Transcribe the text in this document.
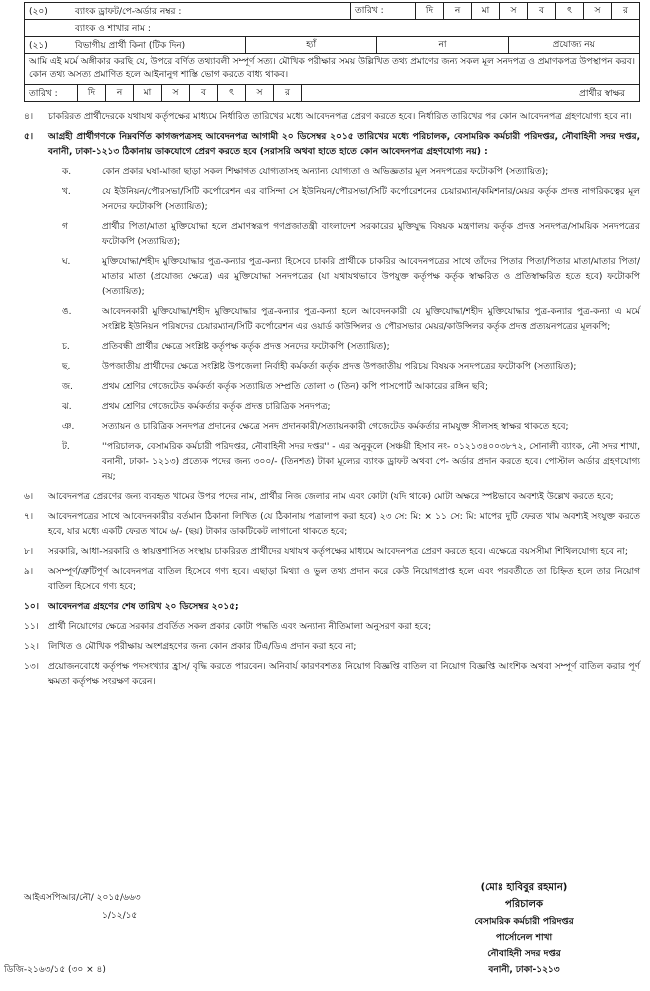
(২০)	ব্যাংক ড্রাফট/পে-অর্ডার নম্বর :	তারিখ :	দি	ন	মা	স	ব	ৎ	স	র
ব্যাংক ও শাখার নাম :
(২১)	বিভাগীয় প্রার্থী কিনা (টিক দিন)	হ্যাঁ	না	প্রযোজ্য নয়
আমি এই মর্মে অঙ্গীকার করছি যে, উপরে বর্ণিত তথ্যাবলী সম্পূর্ণ সত্য। মৌখিক পরীক্ষার সময় উল্লিখিত তথ্য প্রমাণের জন্য সকল মূল সনদপত্র ও প্রমাণকপত্র উপস্থাপন করব। কোন তথ্য অসত্য প্রমাণিত হলে আইনানুগ শাস্তি ভোগ করতে বাধ্য থাকব।
তারিখ :	দি	ন	মা	স	ব	ৎ	স	র	প্রার্থীর স্বাক্ষর
৪।	চাকরিরত প্রার্থীদেরকে যথাযথ কর্তৃপক্ষের মাধ্যমে নির্ধারিত তারিখের মধ্যে আবেদনপত্র প্রেরণ করতে হবে। নির্ধারিত তারিখের পর কোন আবেদনপত্র গ্রহণযোগ্য হবে না।
৫।	আগ্রহী প্রার্থীগণকে নিম্নবর্ণিত কাগজপত্রসহ আবেদনপত্র আগামী ২০ ডিসেম্বর ২০১৫ তারিখের মধ্যে পরিচালক, বেসামরিক কর্মচারী পরিদপ্তর, নৌবাহিনী সদর দপ্তর, বনানী, ঢাকা-১২১৩ ঠিকানায় ডাকযোগে প্রেরণ করতে হবে (সরাসরি অথবা হাতে হাতে কোন আবেদনপত্র গ্রহণযোগ্য নয়) :
ক.	কোন প্রকার ঘষা-মাজা ছাড়া সকল শিক্ষাগত যোগ্যতাসহ অন্যান্য যোগ্যতা ও অভিজ্ঞতার মূল সনদপত্রের ফটোকপি (সত্যায়িত);
খ.	যে ইউনিয়ন/পৌরসভা/সিটি কর্পোরেশন এর বাসিন্দা সে ইউনিয়ন/পৌরসভা/সিটি কর্পোরেশনের চেয়ারম্যান/কমিশনার/মেয়র কর্তৃক প্রদত্ত নাগরিকত্বের মূল সনদের ফটোকপি (সত্যায়িত);
গ	প্রার্থীর পিতা/মাতা মুক্তিযোদ্ধা হলে প্রমাণস্বরূপ গণপ্রজাতন্ত্রী বাংলাদেশ সরকারের মুক্তিযুদ্ধ বিষয়ক মন্ত্রণালয় কর্তৃক প্রদত্ত সনদপত্র/সাময়িক সনদপত্রের ফটোকপি (সত্যায়িত);
ঘ.	মুক্তিযোদ্ধা/শহীদ মুক্তিযোদ্ধার পুত্র-কন্যার পুত্র-কন্যা হিসেবে চাকরি প্রার্থীকে চাকরির আবেদনপত্রের সাথে তাঁদের পিতার পিতা/পিতার মাতা/মাতার পিতা/মাতার মাতা (প্রযোজ্য ক্ষেত্রে) এর মুক্তিযোদ্ধা সনদপত্রের (যা যথাযথভাবে উপযুক্ত কর্তৃপক্ষ কর্তৃক স্বাক্ষরিত ও প্রতিস্বাক্ষরিত হতে হবে) ফটোকপি (সত্যায়িত);
ঙ.	আবেদনকারী মুক্তিযোদ্ধা/শহীদ মুক্তিযোদ্ধার পুত্র-কন্যার পুত্র-কন্যা হলে আবেদনকারী যে মুক্তিযোদ্ধা/শহীদ মুক্তিযোদ্ধার পুত্র-কন্যার পুত্র-কন্যা এ মর্মে সংশ্লিষ্ট ইউনিয়ন পরিষদের চেয়ারম্যান/সিটি কর্পোরেশন এর ওয়ার্ড কাউন্সিলর ও পৌরসভার মেয়র/কাউন্সিলর কর্তৃক প্রদত্ত প্রত্যয়নপত্রের মূলকপি;
চ.	প্রতিবন্ধী প্রার্থীর ক্ষেত্রে সংশ্লিষ্ট কর্তৃপক্ষ কর্তৃক প্রদত্ত সনদের ফটোকপি (সত্যায়িত);
ছ.	উপজাতীয় প্রার্থীদের ক্ষেত্রে সংশ্লিষ্ট উপজেলা নির্বাহী কর্মকর্তা কর্তৃক প্রদত্ত উপজাতীয় পরিচয় বিষয়ক সনদপত্রের ফটোকপি (সত্যায়িত);
জ.	প্রথম শ্রেণির গেজেটেড কর্মকর্তা কর্তৃক সত্যায়িত সম্প্রতি তোলা ৩ (তিন) কপি পাসপোর্ট আকারের রঙ্গিন ছবি;
ঝ.	প্রথম শ্রেণির গেজেটেড কর্মকর্তার কর্তৃক প্রদত্ত চারিত্রিক সনদপত্র;
ঞ.	সত্যায়ন ও চারিত্রিক সনদপত্র প্রদানের ক্ষেত্রে সনদ প্রদানকারী/সত্যায়নকারী গেজেটেড কর্মকর্তার নামযুক্ত সীলসহ স্বাক্ষর থাকতে হবে;
ট.	''পরিচালক, বেসামরিক কর্মচারী পরিদপ্তর, নৌবাহিনী সদর দপ্তর'' - এর অনুকূলে (সঞ্চয়ী হিসাব নং- ০১২১৩৪০০৩৮৭২, সোনালী ব্যাংক, নৌ সদর শাখা, বনানী, ঢাকা- ১২১৩) প্রত্যেক পদের জন্য ৩০০/- (তিনশত) টাকা মূল্যের ব্যাংক ড্রাফট অথবা পে- অর্ডার প্রদান করতে হবে। পোস্টাল অর্ডার গ্রহণযোগ্য নয়;
৬।	আবেদনপত্র প্রেরণের জন্য ব্যবহৃত খামের উপর পদের নাম, প্রার্থীর নিজ জেলার নাম এবং কোটা (যদি থাকে) মোটা অক্ষরে স্পষ্টভাবে অবশ্যই উল্লেখ করতে হবে;
৭।	আবেদনপত্রের সাথে আবেদনকারীর বর্তমান ঠিকানা লিখিত (যে ঠিকানায় পত্রালাপ করা হবে) ২৩ সে: মি: × ১১ সে: মি: মাপের দুটি ফেরত খাম অবশ্যই সংযুক্ত করতে হবে, যার মধ্যে একটি ফেরত খামে ৬/- (ছয়) টাকার ডাকটিকেট লাগানো থাকতে হবে;
৮।	সরকারি, আধা-সরকারি ও স্বায়ত্তশাসিত সংস্থায় চাকরিরত প্রার্থীদের যথাযথ কর্তৃপক্ষের মাধ্যমে আবেদনপত্র প্রেরণ করতে হবে। এক্ষেত্রে বয়সসীমা শিথিলযোগ্য হবে না;
৯।	অসম্পূর্ণ/ত্রুটিপূর্ণ আবেদনপত্র বাতিল হিসেবে গণ্য হবে। এছাড়া মিথ্যা ও ভুল তথ্য প্রদান করে কেউ নিয়োগপ্রাপ্ত হলে এবং পরবর্তীতে তা চিহ্নিত হলে তার নিয়োগ বাতিল হিসেবে গণ্য হবে;
১০।	আবেদনপত্র গ্রহণের শেষ তারিখ ২০ ডিসেম্বর ২০১৫;
১১।	প্রার্থী নিয়োগের ক্ষেত্রে সরকার প্রবর্তিত সকল প্রকার কোটা পদ্ধতি এবং অন্যান্য নীতিমালা অনুসরণ করা হবে;
১২।	লিখিত ও মৌখিক পরীক্ষায় অংশগ্রহণের জন্য কোন প্রকার টিএ/ডিএ প্রদান করা হবে না;
১৩।	প্রয়োজনবোধে কর্তৃপক্ষ পদসংখ্যার হ্রাস/ বৃদ্ধি করতে পারবেন। অনিবার্য কারণবশতঃ নিয়োগ বিজ্ঞপ্তি বাতিল বা নিয়োগ বিজ্ঞপ্তি আংশিক অথবা সম্পূর্ণ বাতিল করার পূর্ণ ক্ষমতা কর্তৃপক্ষ সংরক্ষণ করেন।
আইএসপিআর/নৌ/ ২০১৫/৬৬৩
১/১২/১৫
ডিজি-২১৬৩/১৫ (৩০ × ৪)
(মোঃ হাবিবুর রহমান)
পরিচালক
বেসামরিক কর্মচারী পরিদপ্তর
পার্সোনেল শাখা
নৌবাহিনী সদর দপ্তর
বনানী, ঢাকা-১২১৩
